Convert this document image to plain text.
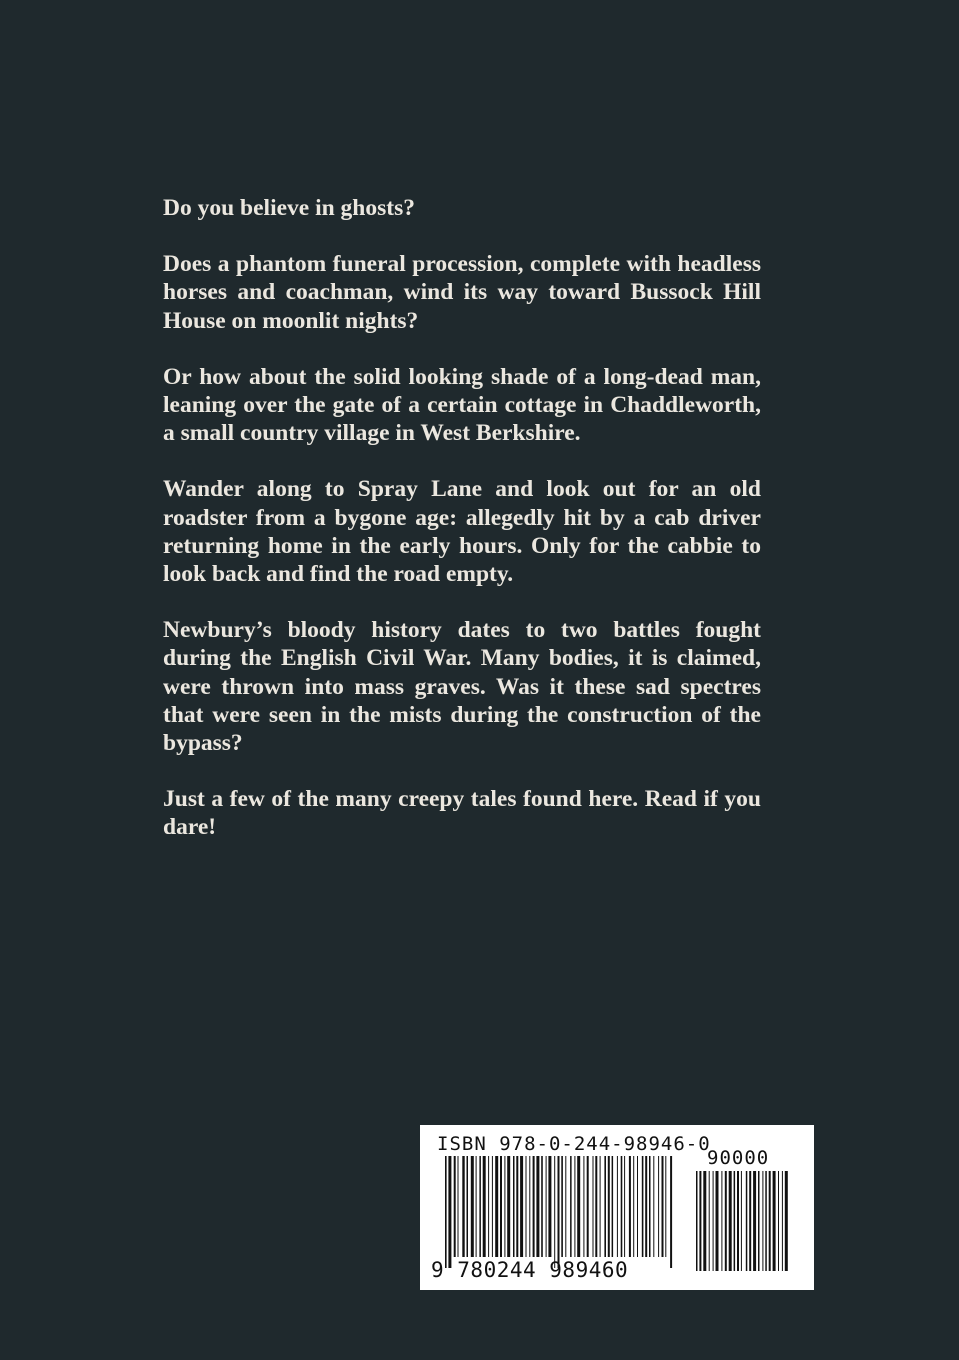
Do you believe in ghosts?

Does a phantom funeral procession, complete with headless horses and coachman, wind its way toward Bussock Hill House on moonlit nights?

Or how about the solid looking shade of a long-dead man, leaning over the gate of a certain cottage in Chaddleworth, a small country village in West Berkshire.

Wander along to Spray Lane and look out for an old roadster from a bygone age: allegedly hit by a cab driver returning home in the early hours. Only for the cabbie to look back and find the road empty.

Newbury’s bloody history dates to two battles fought during the English Civil War. Many bodies, it is claimed, were thrown into mass graves. Was it these sad spectres that were seen in the mists during the construction of the bypass?

Just a few of the many creepy tales found here. Read if you dare!

ISBN 978-0-244-98946-0
90000
9 780244 989460
